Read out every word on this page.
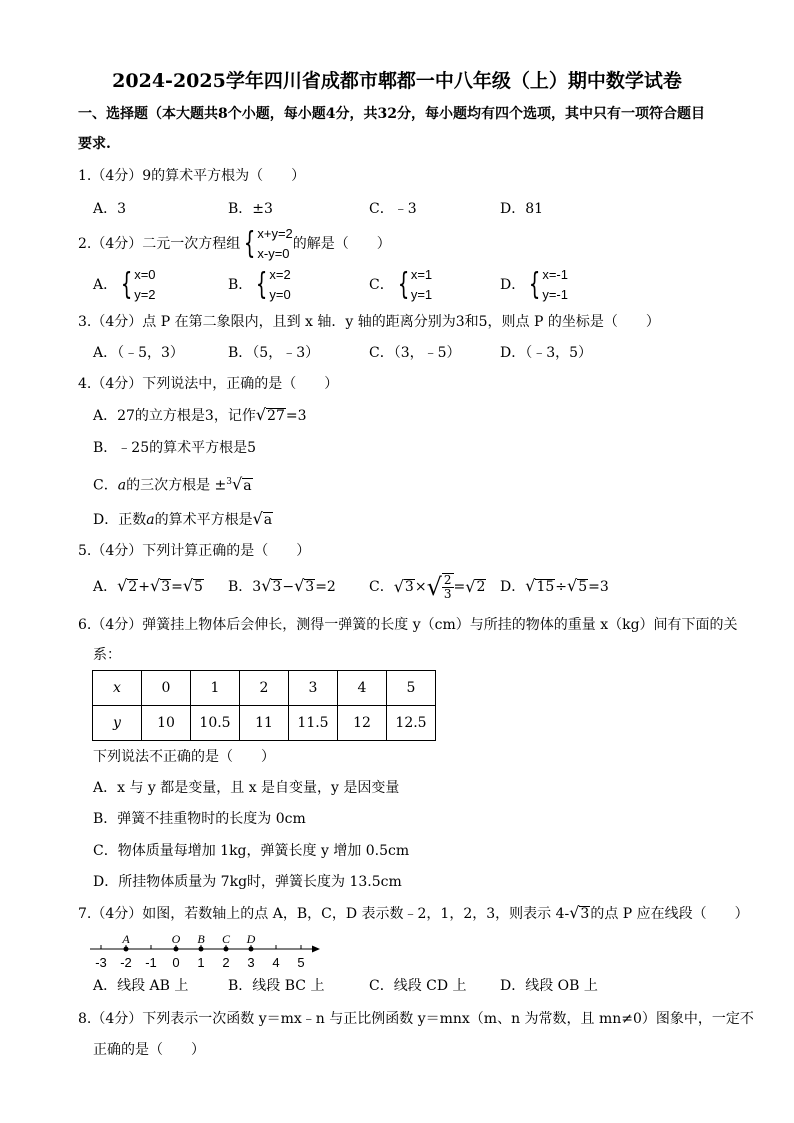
2024-2025学年四川省成都市郫都一中八年级（上）期中数学试卷
一、选择题（本大题共8个小题，每小题4分，共32分，每小题均有四个选项，其中只有一项符合题目
要求.
1.（4分）9的算术平方根为（　　）
A．3	B．±3	C．﹣3	D．81
2.（4分）二元一次方程组 { x+y=2
x-y=0
的解是（　　）
A． { x=0
y=2
B． { x=2
y=0
C． { x=1
y=1
D． { x=-1
y=-1
3.（4分）点 P 在第二象限内，且到 x 轴．y 轴的距离分别为3和5，则点 P 的坐标是（　　）
A．（﹣5，3）	B．（5，﹣3）	C．（3，﹣5）	D．（﹣3，5）
4.（4分）下列说法中，正确的是（　　）
A．27的立方根是3，记作√27=3
B．﹣25的算术平方根是5
C．a的三次方根是 ±$^3$√a
D．正数a的算术平方根是√a
5.（4分）下列计算正确的是（　　）
A．√2+√3=√5 B．3√3−√3=2 C． √ 3 × √ $\frac{2}{3}$ = √ 2 D．√15÷√5=3
6.（4分）弹簧挂上物体后会伸长，测得一弹簧的长度 y（cm）与所挂的物体的重量 x（kg）间有下面的关
系：
x	0	1	2	3	4	5
y	10	10.5	11	11.5	12	12.5
下列说法不正确的是（　　）
A．x 与 y 都是变量，且 x 是自变量，y 是因变量
B．弹簧不挂重物时的长度为 0cm
C．物体质量每增加 1kg，弹簧长度 y 增加 0.5cm
D．所挂物体质量为 7kg时，弹簧长度为 13.5cm
7.（4分）如图，若数轴上的点 A，B，C，D 表示数﹣2，1，2，3，则表示 4-√3的点 P 应在线段（　　）
-3 -2 -1 0 1 2 3 4 5
A	O B C D
A．线段 AB 上	B．线段 BC 上	C．线段 CD 上 D．线段 OB 上
8.（4分）下列表示一次函数 y＝mx﹣n 与正比例函数 y＝mnx（m、n 为常数，且 mn≠0）图象中，一定不
正确的是（　　）
